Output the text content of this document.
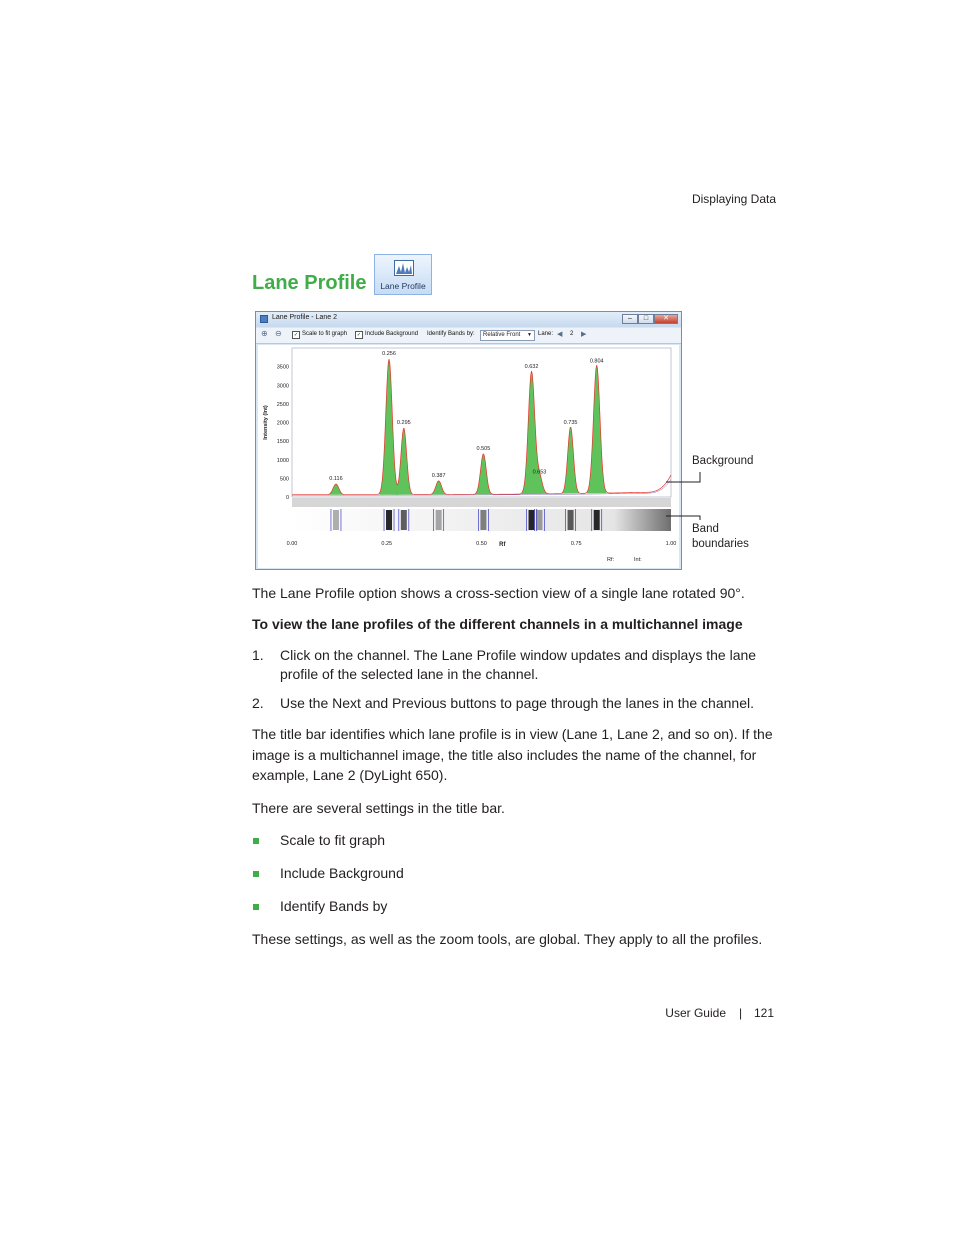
Displaying Data
Lane Profile	Lane Profile
Lane Profile - Lane 2	–	□	✕
⊕ ⊖	✓ Scale to fit graph	✓ Include Background Identify Bands by:	Relative Front ▼ Lane: ◀ 2 ▶
0
500
1000
1500
2000
2500
3000
3500
Intensity (Int)
0.116
0.256
0.295
0.387
0.505
0.632
0.653
0.735
0.804
0.00	0.25	0.50	0.75	1.00
Rf
Rf:	Int:
Background
Band
boundaries
The Lane Profile option shows a cross-section view of a single lane rotated 90°.
To view the lane profiles of the different channels in a multichannel image
1. Click on the channel. The Lane Profile window updates and displays the lane
profile of the selected lane in the channel.
2. Use the Next and Previous buttons to page through the lanes in the channel.
The title bar identifies which lane profile is in view (Lane 1, Lane 2, and so on). If the
image is a multichannel image, the title also includes the name of the channel, for
example, Lane 2 (DyLight 650).
There are several settings in the title bar.
Scale to fit graph
Include Background
Identify Bands by
These settings, as well as the zoom tools, are global. They apply to all the profiles.
User Guide | 121
